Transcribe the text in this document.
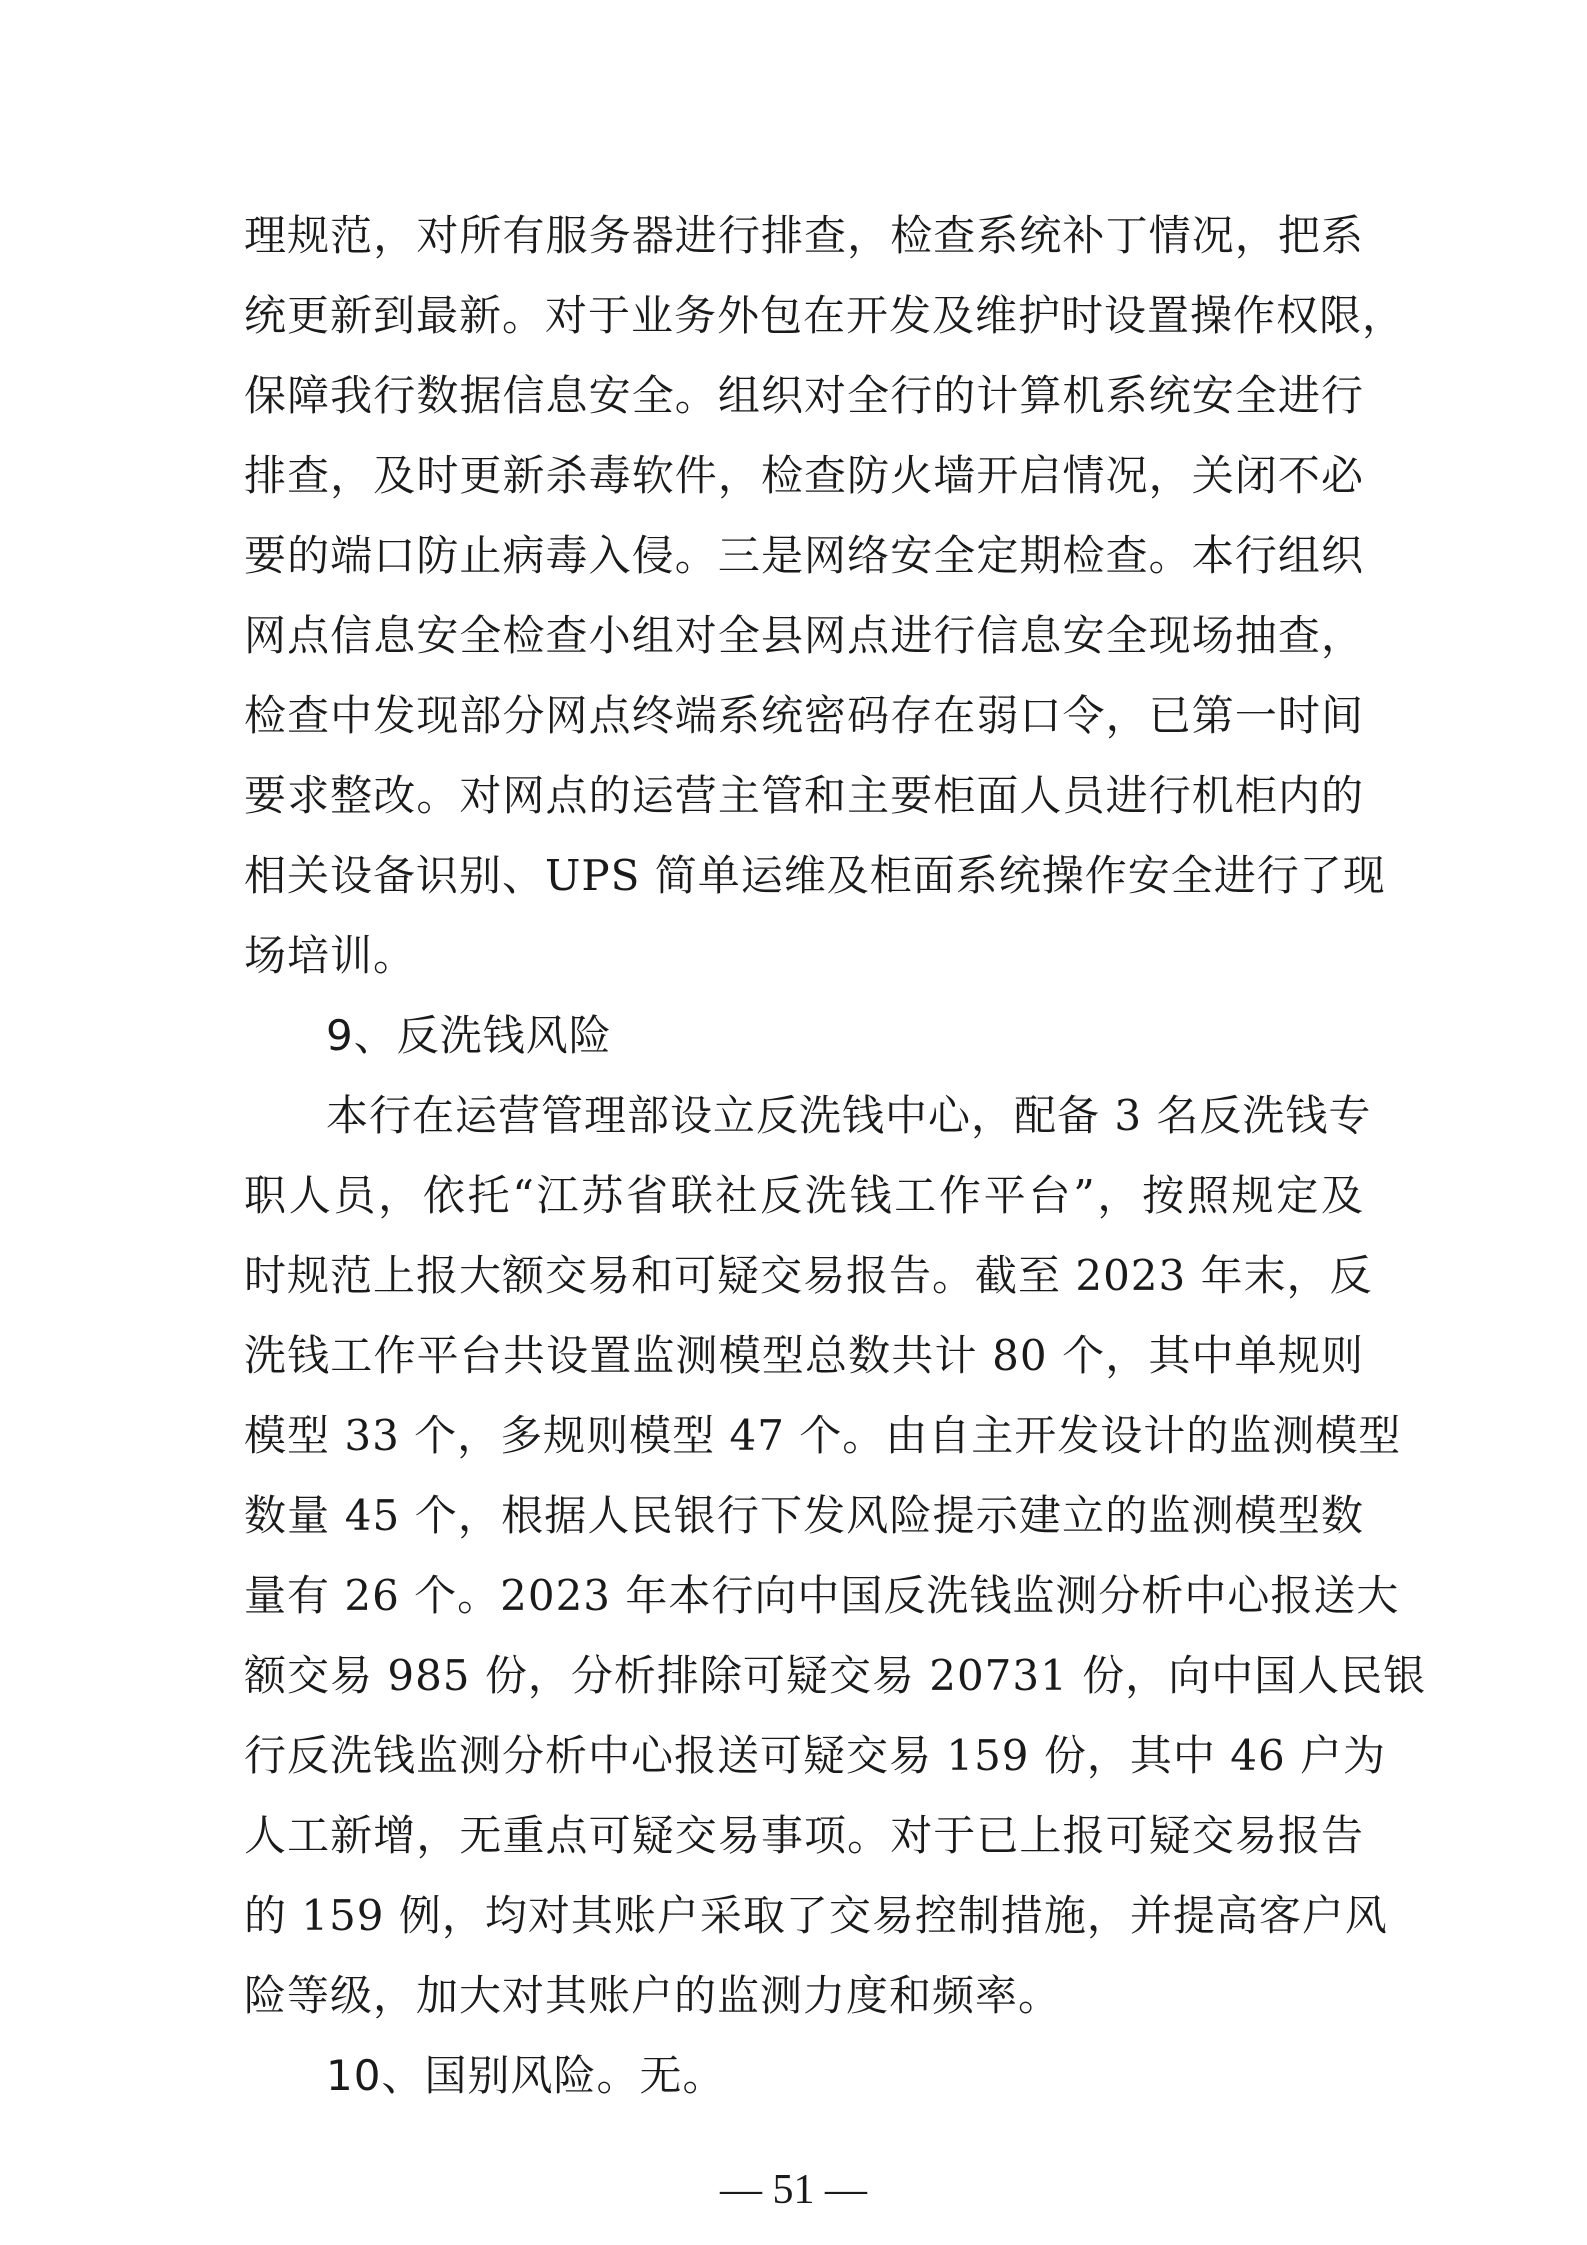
理规范，对所有服务器进行排查，检查系统补丁情况，把系

统更新到最新。对于业务外包在开发及维护时设置操作权限，

保障我行数据信息安全。组织对全行的计算机系统安全进行

排查，及时更新杀毒软件，检查防火墙开启情况，关闭不必

要的端口防止病毒入侵。三是网络安全定期检查。本行组织

网点信息安全检查小组对全县网点进行信息安全现场抽查，

检查中发现部分网点终端系统密码存在弱口令，已第一时间

要求整改。对网点的运营主管和主要柜面人员进行机柜内的

相关设备识别、UPS 简单运维及柜面系统操作安全进行了现

场培训。

9、反洗钱风险

本行在运营管理部设立反洗钱中心，配备 3 名反洗钱专

职人员，依托“江苏省联社反洗钱工作平台”，按照规定及

时规范上报大额交易和可疑交易报告。截至 2023 年末，反

洗钱工作平台共设置监测模型总数共计 80 个，其中单规则

模型 33 个，多规则模型 47 个。由自主开发设计的监测模型

数量 45 个，根据人民银行下发风险提示建立的监测模型数

量有 26 个。2023 年本行向中国反洗钱监测分析中心报送大

额交易 985 份，分析排除可疑交易 20731 份，向中国人民银

行反洗钱监测分析中心报送可疑交易 159 份，其中 46 户为

人工新增，无重点可疑交易事项。对于已上报可疑交易报告

的 159 例，均对其账户采取了交易控制措施，并提高客户风

险等级，加大对其账户的监测力度和频率。

10、国别风险。无。

— 51 —
